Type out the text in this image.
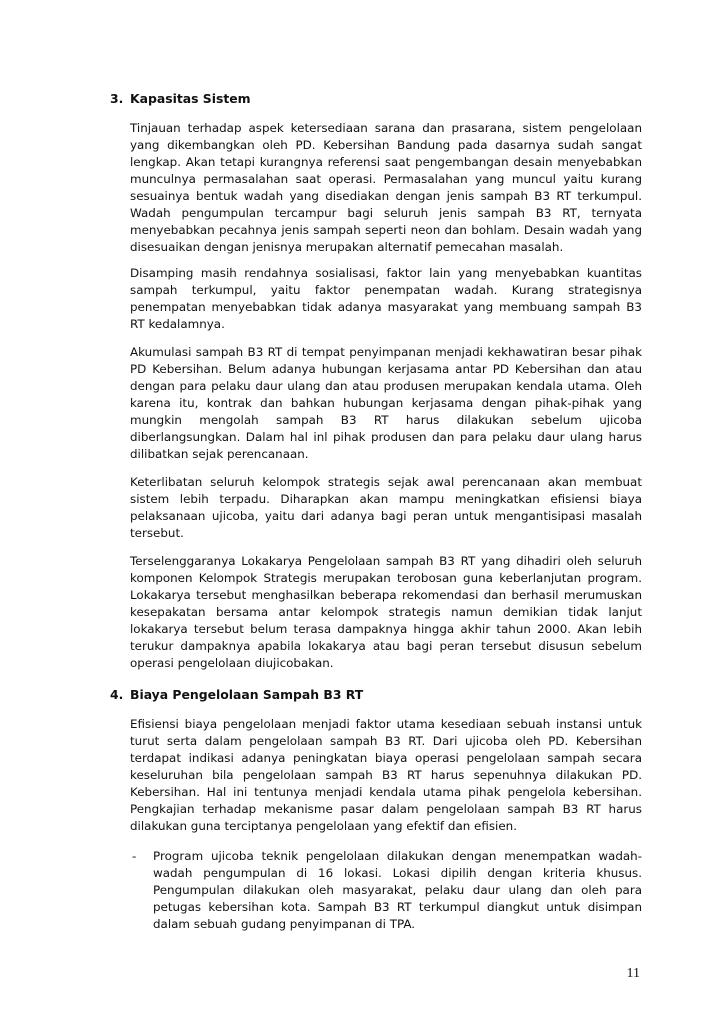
3. Kapasitas Sistem

Tinjauan terhadap aspek ketersediaan sarana dan prasarana, sistem pengelolaan yang dikembangkan oleh PD. Kebersihan Bandung pada dasarnya sudah sangat lengkap. Akan tetapi kurangnya referensi saat pengembangan desain menyebabkan munculnya permasalahan saat operasi. Permasalahan yang muncul yaitu kurang sesuainya bentuk wadah yang disediakan dengan jenis sampah B3 RT terkumpul. Wadah pengumpulan tercampur bagi seluruh jenis sampah B3 RT, ternyata menyebabkan pecahnya jenis sampah seperti neon dan bohlam. Desain wadah yang disesuaikan dengan jenisnya merupakan alternatif pemecahan masalah.

Disamping masih rendahnya sosialisasi, faktor lain yang menyebabkan kuantitas sampah terkumpul, yaitu faktor penempatan wadah. Kurang strategisnya penempatan menyebabkan tidak adanya masyarakat yang membuang sampah B3 RT kedalamnya.

Akumulasi sampah B3 RT di tempat penyimpanan menjadi kekhawatiran besar pihak PD Kebersihan. Belum adanya hubungan kerjasama antar PD Kebersihan dan atau dengan para pelaku daur ulang dan atau produsen merupakan kendala utama. Oleh karena itu, kontrak dan bahkan hubungan kerjasama dengan pihak-pihak yang mungkin mengolah sampah B3 RT harus dilakukan sebelum ujicoba diberlangsungkan. Dalam hal inl pihak produsen dan para pelaku daur ulang harus dilibatkan sejak perencanaan.

Keterlibatan seluruh kelompok strategis sejak awal perencanaan akan membuat sistem lebih terpadu. Diharapkan akan mampu meningkatkan efisiensi biaya pelaksanaan ujicoba, yaitu dari adanya bagi peran untuk mengantisipasi masalah tersebut.

Terselenggaranya Lokakarya Pengelolaan sampah B3 RT yang dihadiri oleh seluruh komponen Kelompok Strategis merupakan terobosan guna keberlanjutan program. Lokakarya tersebut menghasilkan beberapa rekomendasi dan berhasil merumuskan kesepakatan bersama antar kelompok strategis namun demikian tidak lanjut lokakarya tersebut belum terasa dampaknya hingga akhir tahun 2000. Akan lebih terukur dampaknya apabila lokakarya atau bagi peran tersebut disusun sebelum operasi pengelolaan diujicobakan.

4. Biaya Pengelolaan Sampah B3 RT

Efisiensi biaya pengelolaan menjadi faktor utama kesediaan sebuah instansi untuk turut serta dalam pengelolaan sampah B3 RT. Dari ujicoba oleh PD. Kebersihan terdapat indikasi adanya peningkatan biaya operasi pengelolaan sampah secara keseluruhan bila pengelolaan sampah B3 RT harus sepenuhnya dilakukan PD. Kebersihan. Hal ini tentunya menjadi kendala utama pihak pengelola kebersihan. Pengkajian terhadap mekanisme pasar dalam pengelolaan sampah B3 RT harus dilakukan guna terciptanya pengelolaan yang efektif dan efisien.

- Program ujicoba teknik pengelolaan dilakukan dengan menempatkan wadah-wadah pengumpulan di 16 lokasi. Lokasi dipilih dengan kriteria khusus. Pengumpulan dilakukan oleh masyarakat, pelaku daur ulang dan oleh para petugas kebersihan kota. Sampah B3 RT terkumpul diangkut untuk disimpan dalam sebuah gudang penyimpanan di TPA.

11
